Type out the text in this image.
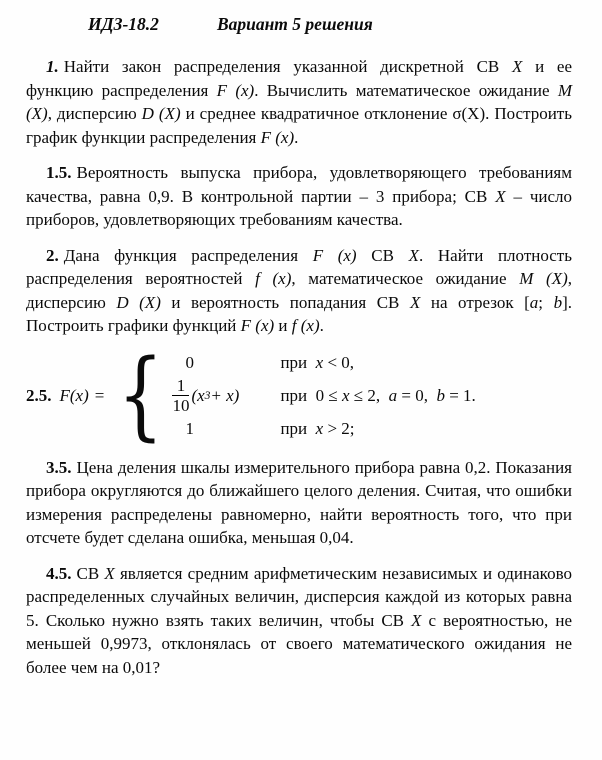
ИДЗ-18.2	Вариант 5 решения

1. Найти закон распределения указанной дискретной СВ X и ее функцию распределения F (x). Вычислить математическое ожидание M (X), дисперсию D (X) и среднее квадратичное отклонение σ(X). Построить график функции распределения F (x).

1.5. Вероятность выпуска прибора, удовлетворяющего требованиям качества, равна 0,9. В контрольной партии – 3 прибора; СВ X – число приборов, удовлетворяющих требованиям качества.

2. Дана функция распределения F (x) СВ X. Найти плотность распределения вероятностей f (x), математическое ожидание M (X), дисперсию D (X) и вероятность попадания СВ X на отрезок [a; b]. Построить графики функций F (x) и f (x).

2.5. F(x) = {	0	при  x < 0,
$\frac{1}{10} (x$ 3 + x) при  0 ≤ x ≤ 2,  a = 0,  b = 1.
1	при  x > 2;

3.5. Цена деления шкалы измерительного прибора равна 0,2. Показания прибора округляются до ближайшего целого деления. Считая, что ошибки измерения распределены равномерно, найти вероятность того, что при отсчете будет сделана ошибка, меньшая 0,04.

4.5. СВ X является средним арифметическим независимых и одинаково распределенных случайных величин, дисперсия каждой из которых равна 5. Сколько нужно взять таких величин, чтобы СВ X с вероятностью, не меньшей 0,9973, отклонялась от своего математического ожидания не более чем на 0,01?
